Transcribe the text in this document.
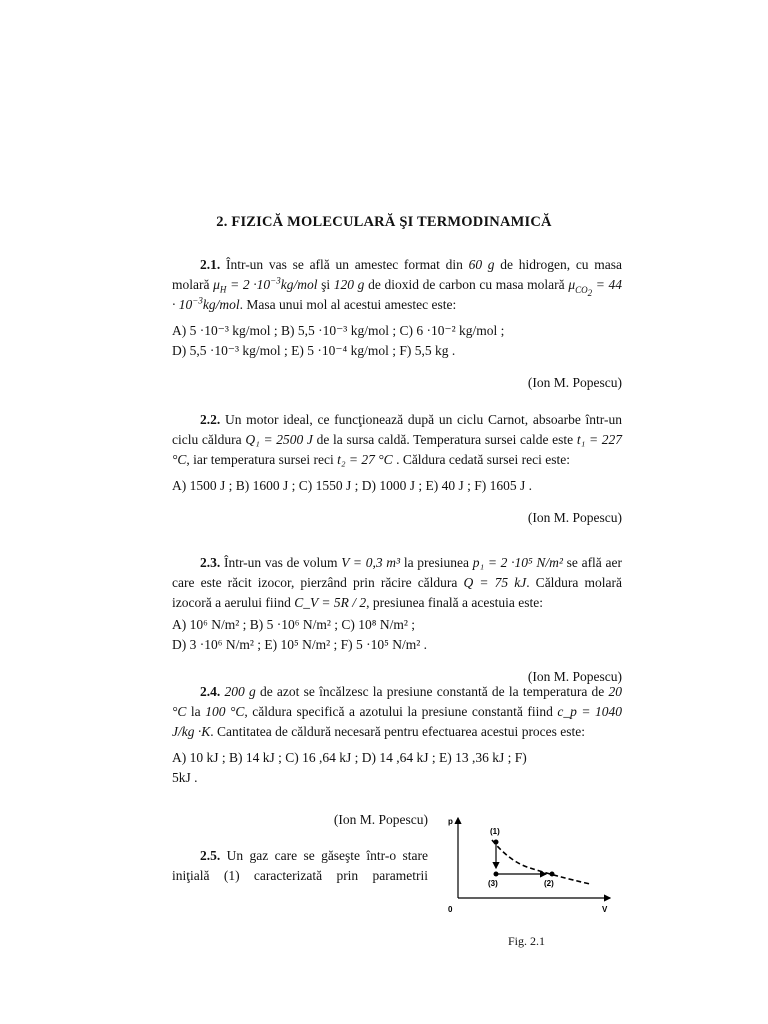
2. FIZICĂ MOLECULARĂ ŞI TERMODINAMICĂ

2.1. Într-un vas se află un amestec format din 60 g de hidrogen, cu masa molară $\mu_H = 2 \cdot 10^{-3}kg/mol$ şi 120 g de dioxid de carbon cu masa molară $\mu_{CO_2} = 44 \cdot 10^{-3}kg/mol$. Masa unui mol al acestui amestec este:

A) 5 ·10⁻³ kg/mol ; B) 5,5 ·10⁻³ kg/mol ; C) 6 ·10⁻² kg/mol ;
D) 5,5 ·10⁻³ kg/mol ; E) 5 ·10⁻⁴ kg/mol ; F) 5,5 kg .
(Ion M. Popescu)

2.2. Un motor ideal, ce funcţionează după un ciclu Carnot, absoarbe într-un ciclu căldura Q₁ = 2500 J de la sursa caldă. Temperatura sursei calde este t₁ = 227 °C, iar temperatura sursei reci t₂ = 27 °C . Căldura cedată sursei reci este:

A) 1500 J ; B) 1600 J ; C) 1550 J ; D) 1000 J ; E) 40 J ; F) 1605 J .
(Ion M. Popescu)

2.3. Într-un vas de volum V = 0,3 m³ la presiunea p₁ = 2 ·10⁵ N/m² se află aer care este răcit izocor, pierzând prin răcire căldura Q = 75 kJ. Căldura molară izocoră a aerului fiind C_V = 5R / 2, presiunea finală a acestuia este:

A) 10⁶ N/m² ; B) 5 ·10⁶ N/m² ; C) 10⁸ N/m² ;
D) 3 ·10⁶ N/m² ; E) 10⁵ N/m² ; F) 5 ·10⁵ N/m² .
(Ion M. Popescu)

2.4. 200 g de azot se încălzesc la presiune constantă de la temperatura de 20 °C la 100 °C, căldura specifică a azotului la presiune constantă fiind c_p = 1040 J/kg ·K. Cantitatea de căldură necesară pentru efectuarea acestui proces este:

A) 10 kJ ; B) 14 kJ ; C) 16 ,64 kJ ; D) 14 ,64 kJ ; E) 13 ,36 kJ ; F)
5kJ .
(Ion M. Popescu)

2.5. Un gaz care se găseşte într-o stare

iniţială (1) caracterizată prin parametrii

p
V
0
(1)
(2)
(3)
Fig. 2.1
